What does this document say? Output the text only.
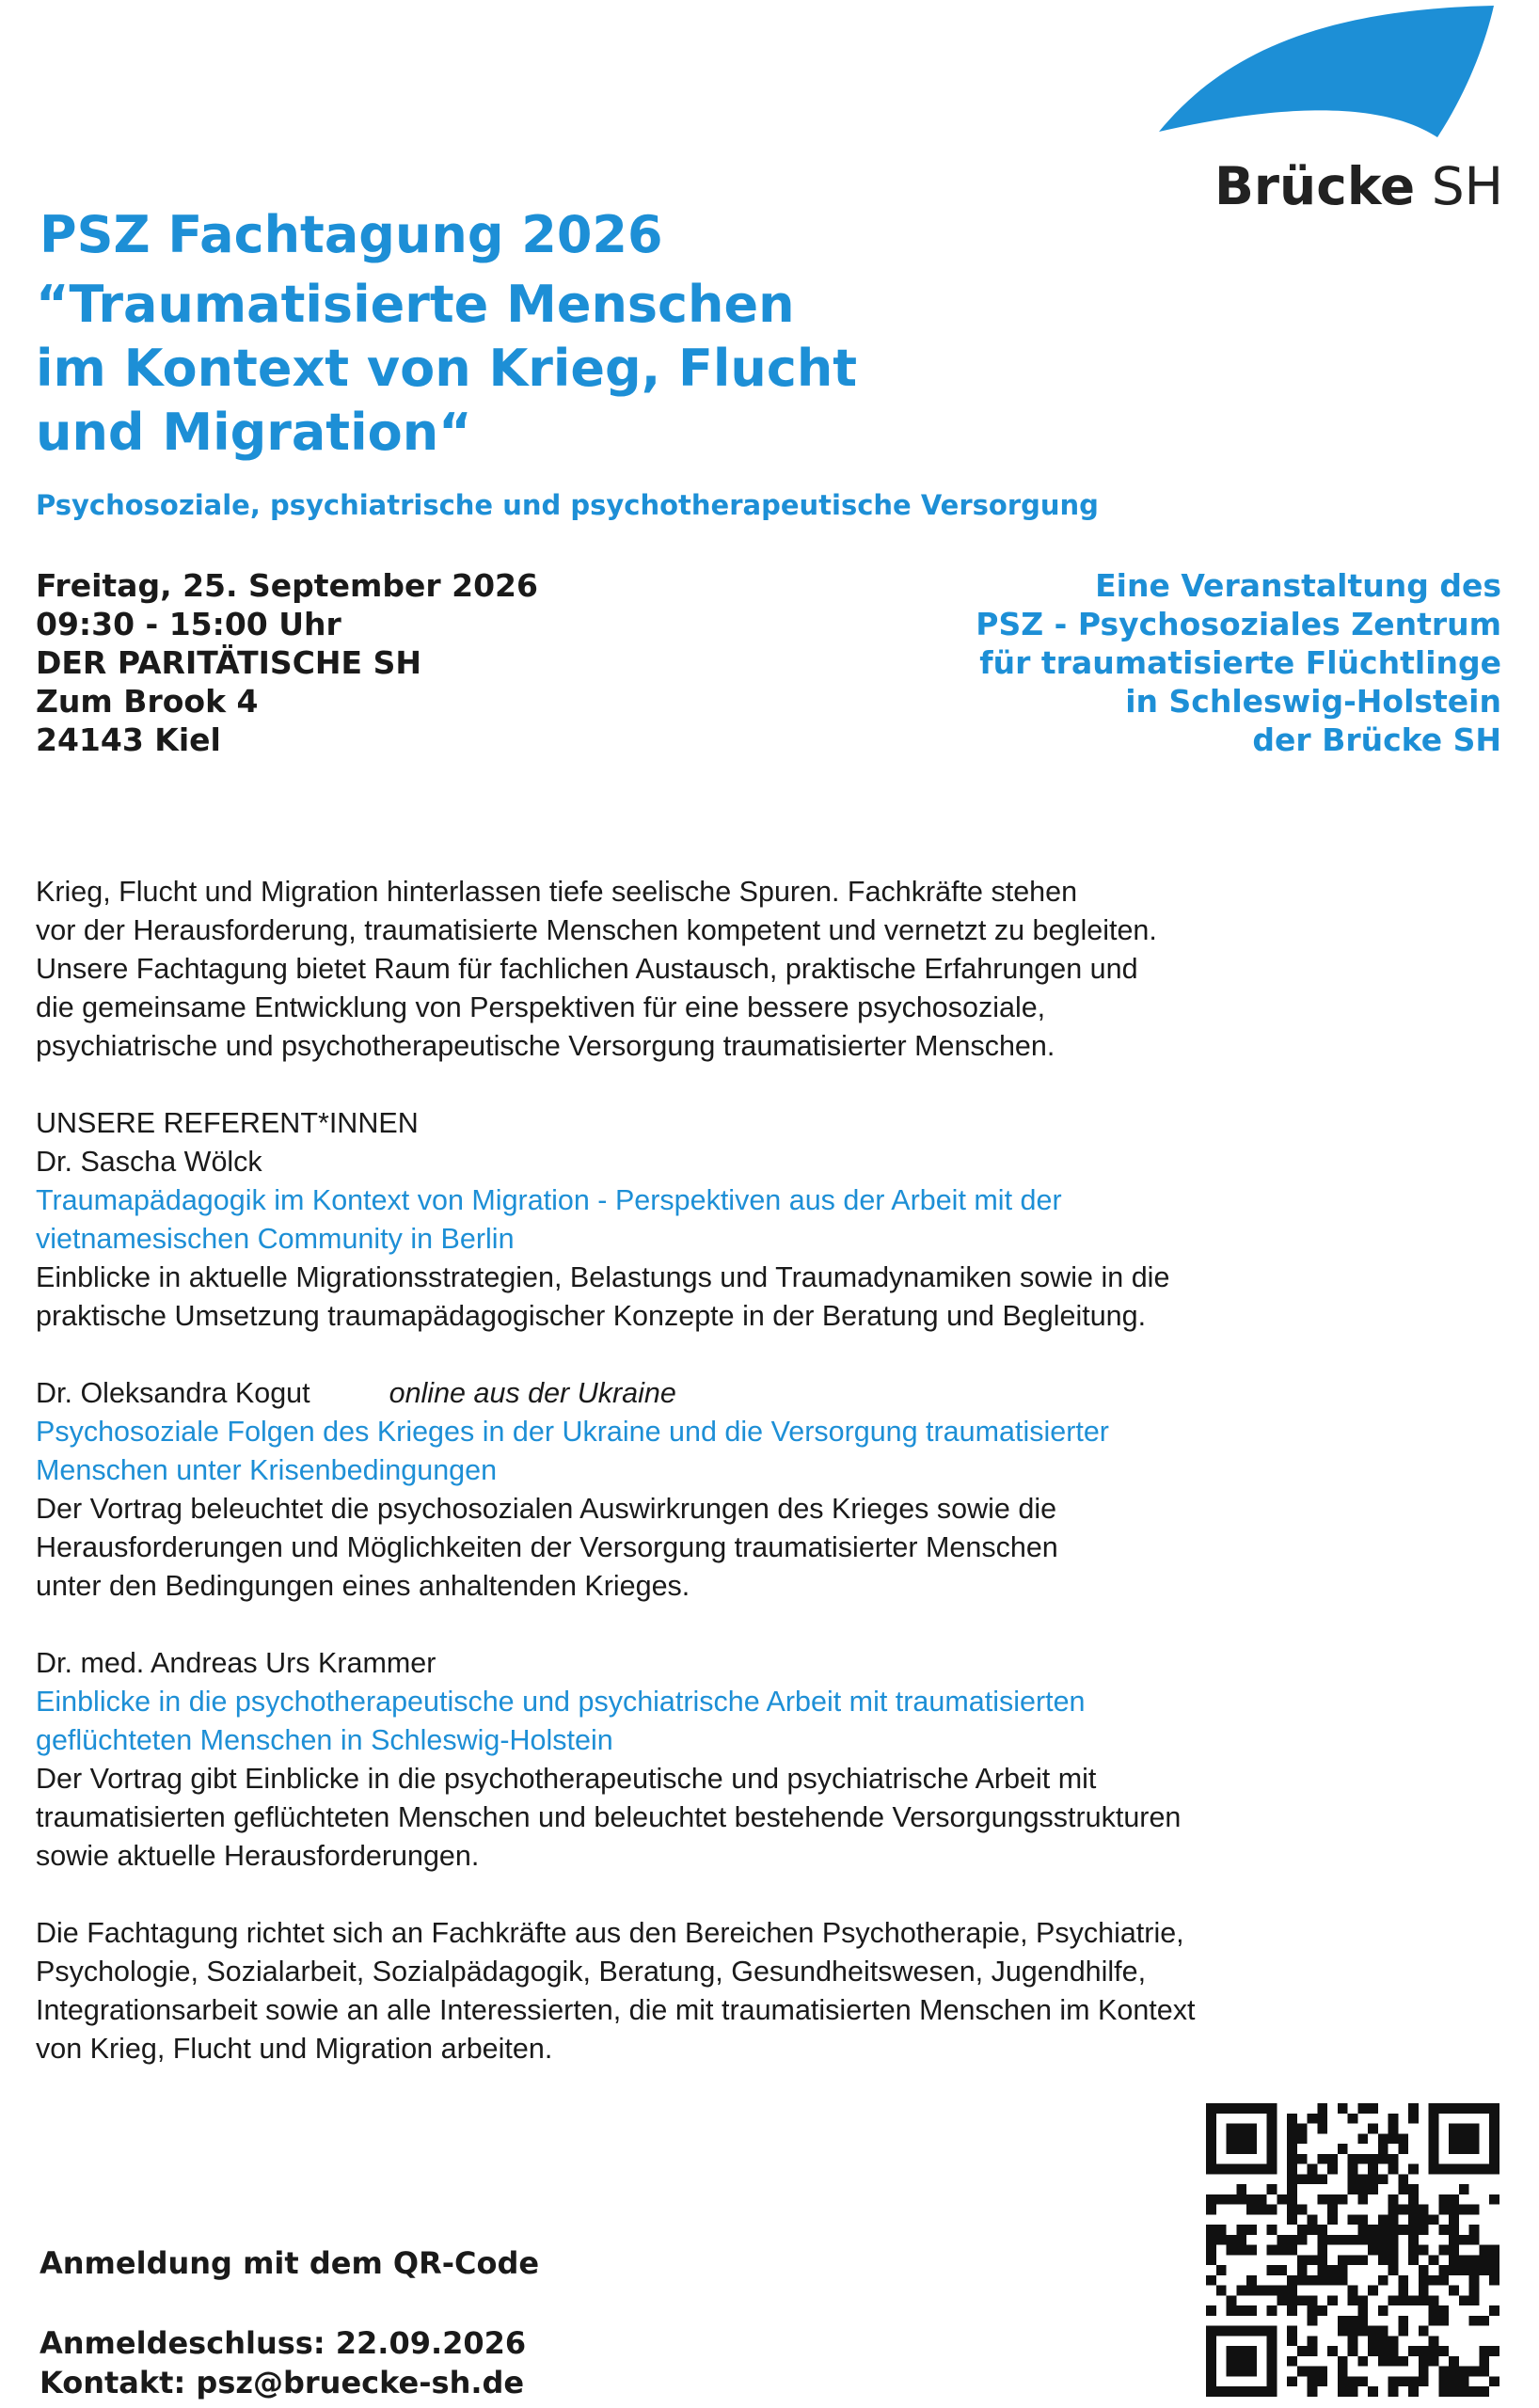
Brücke SH
PSZ Fachtagung 2026
“Traumatisierte Menschen
im Kontext von Krieg, Flucht
und Migration“
Psychosoziale, psychiatrische und psychotherapeutische Versorgung
Freitag, 25. September 2026
09:30 - 15:00 Uhr
DER PARITÄTISCHE SH
Zum Brook 4
24143 Kiel
Eine Veranstaltung des
PSZ - Psychosoziales Zentrum
für traumatisierte Flüchtlinge
in Schleswig-Holstein
der Brücke SH
Krieg, Flucht und Migration hinterlassen tiefe seelische Spuren. Fachkräfte stehen
vor der Herausforderung, traumatisierte Menschen kompetent und vernetzt zu begleiten.
Unsere Fachtagung bietet Raum für fachlichen Austausch, praktische Erfahrungen und
die gemeinsame Entwicklung von Perspektiven für eine bessere psychosoziale,
psychiatrische und psychotherapeutische Versorgung traumatisierter Menschen.
UNSERE REFERENT*INNEN
Dr. Sascha Wölck
Traumapädagogik im Kontext von Migration - Perspektiven aus der Arbeit mit der
vietnamesischen Community in Berlin
Einblicke in aktuelle Migrationsstrategien, Belastungs und Traumadynamiken sowie in die
praktische Umsetzung traumapädagogischer Konzepte in der Beratung und Begleitung.
Dr. Oleksandra Kogut	online aus der Ukraine
Psychosoziale Folgen des Krieges in der Ukraine und die Versorgung traumatisierter
Menschen unter Krisenbedingungen
Der Vortrag beleuchtet die psychosozialen Auswirkrungen des Krieges sowie die
Herausforderungen und Möglichkeiten der Versorgung traumatisierter Menschen
unter den Bedingungen eines anhaltenden Krieges.
Dr. med. Andreas Urs Krammer
Einblicke in die psychotherapeutische und psychiatrische Arbeit mit traumatisierten
geflüchteten Menschen in Schleswig-Holstein
Der Vortrag gibt Einblicke in die psychotherapeutische und psychiatrische Arbeit mit
traumatisierten geflüchteten Menschen und beleuchtet bestehende Versorgungsstrukturen
sowie aktuelle Herausforderungen.
Die Fachtagung richtet sich an Fachkräfte aus den Bereichen Psychotherapie, Psychiatrie,
Psychologie, Sozialarbeit, Sozialpädagogik, Beratung, Gesundheitswesen, Jugendhilfe,
Integrationsarbeit sowie an alle Interessierten, die mit traumatisierten Menschen im Kontext
von Krieg, Flucht und Migration arbeiten.
Anmeldung mit dem QR-Code
Anmeldeschluss: 22.09.2026
Kontakt: psz@bruecke-sh.de
